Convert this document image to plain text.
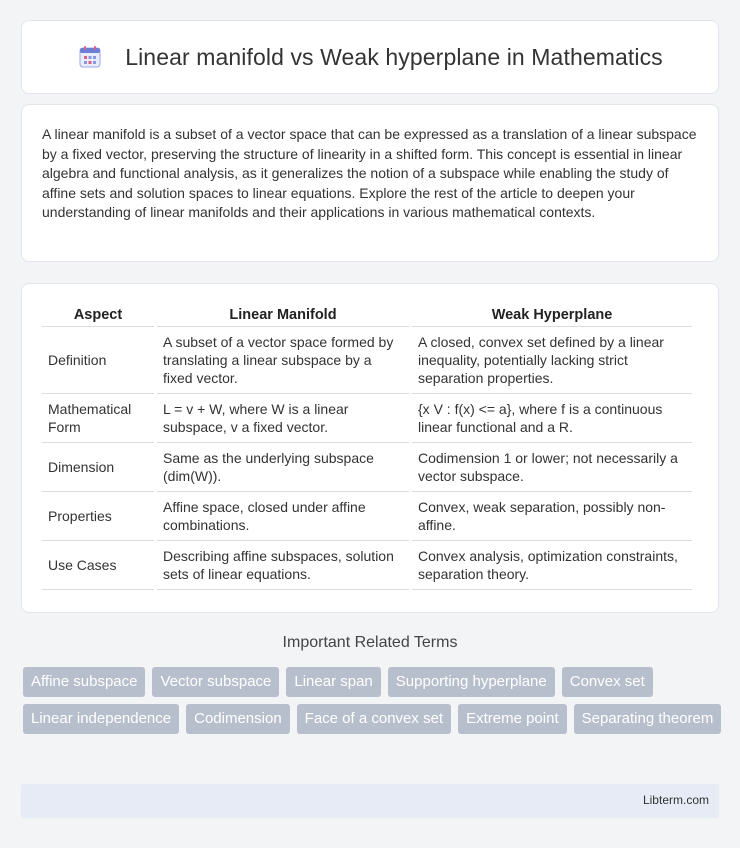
Linear manifold vs Weak hyperplane in Mathematics

A linear manifold is a subset of a vector space that can be expressed as a translation of a linear subspace by a fixed vector, preserving the structure of linearity in a shifted form. This concept is essential in linear algebra and functional analysis, as it generalizes the notion of a subspace while enabling the study of affine sets and solution spaces to linear equations. Explore the rest of the article to deepen your understanding of linear manifolds and their applications in various mathematical contexts.

Aspect	Linear Manifold	Weak Hyperplane
Definition	A subset of a vector space formed by translating a linear subspace by a fixed vector.	A closed, convex set defined by a linear inequality, potentially lacking strict separation properties.
Mathematical Form	L = v + W, where W is a linear subspace, v a fixed vector.	{x V : f(x) <= a}, where f is a continuous linear functional and a R.
Dimension	Same as the underlying subspace (dim(W)).	Codimension 1 or lower; not necessarily a vector subspace.
Properties	Affine space, closed under affine combinations.	Convex, weak separation, possibly non-affine.
Use Cases	Describing affine subspaces, solution sets of linear equations.	Convex analysis, optimization constraints, separation theory.
Important Related Terms
Affine subspace	Vector subspace	Linear span	Supporting hyperplane	Convex set
Linear independence	Codimension	Face of a convex set	Extreme point	Separating theorem
Libterm.com
